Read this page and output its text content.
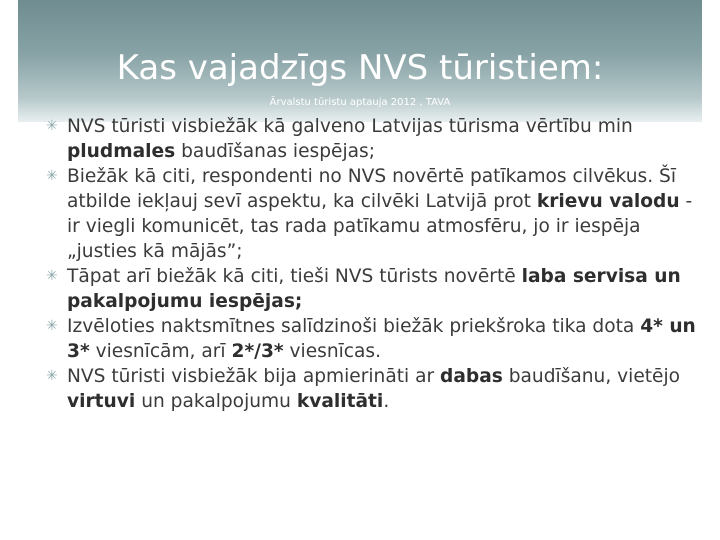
Kas vajadzīgs NVS tūristiem:
Ārvalstu tūristu aptauja 2012 , TAVA
✳ NVS tūristi visbiežāk kā galveno Latvijas tūrisma vērtību min pludmales baudīšanas iespējas;
✳ Biežāk kā citi, respondenti no NVS novērtē patīkamos cilvēkus. Šī atbilde iekļauj sevī aspektu, ka cilvēki Latvijā prot krievu valodu - ir viegli komunicēt, tas rada patīkamu atmosfēru, jo ir iespēja „justies kā mājās”;
✳ Tāpat arī biežāk kā citi, tieši NVS tūrists novērtē laba servisa un pakalpojumu iespējas;
✳ Izvēloties naktsmītnes salīdzinoši biežāk priekšroka tika dota 4* un 3* viesnīcām, arī 2*/3* viesnīcas.
✳ NVS tūristi visbiežāk bija apmierināti ar dabas baudīšanu, vietējo virtuvi un pakalpojumu kvalitāti.
